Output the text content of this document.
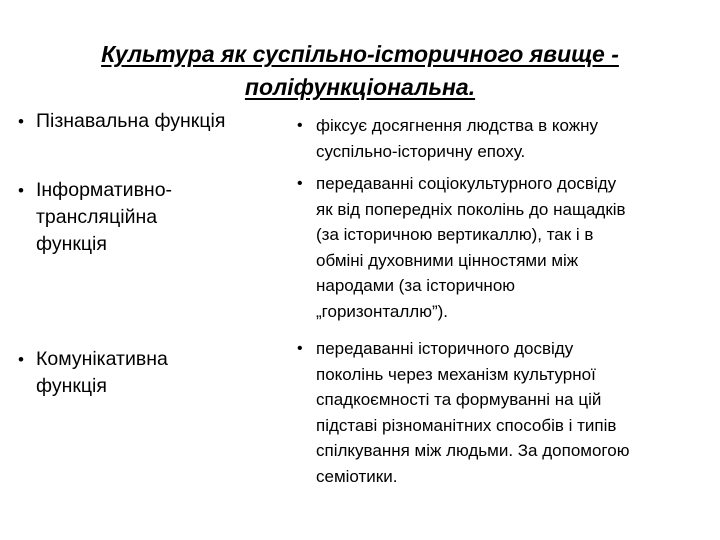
Культура як суспільно-історичного явище -
поліфункціональна.
• Пізнавальна функція
• Інформативно-
трансляційна
функція
• Комунікативна
функція
• фіксує досягнення людства в кожну
суспільно-історичну епоху.
• передаванні соціокультурного досвіду
як від попередніх поколінь до нащадків
(за історичною вертикаллю), так і в
обміні духовними цінностями між
народами (за історичною
„горизонталлю”).
• передаванні історичного досвіду
поколінь через механізм культурної
спадкоємності та формуванні на цій
підставі різноманітних способів і типів
спілкування між людьми. За допомогою
семіотики.
